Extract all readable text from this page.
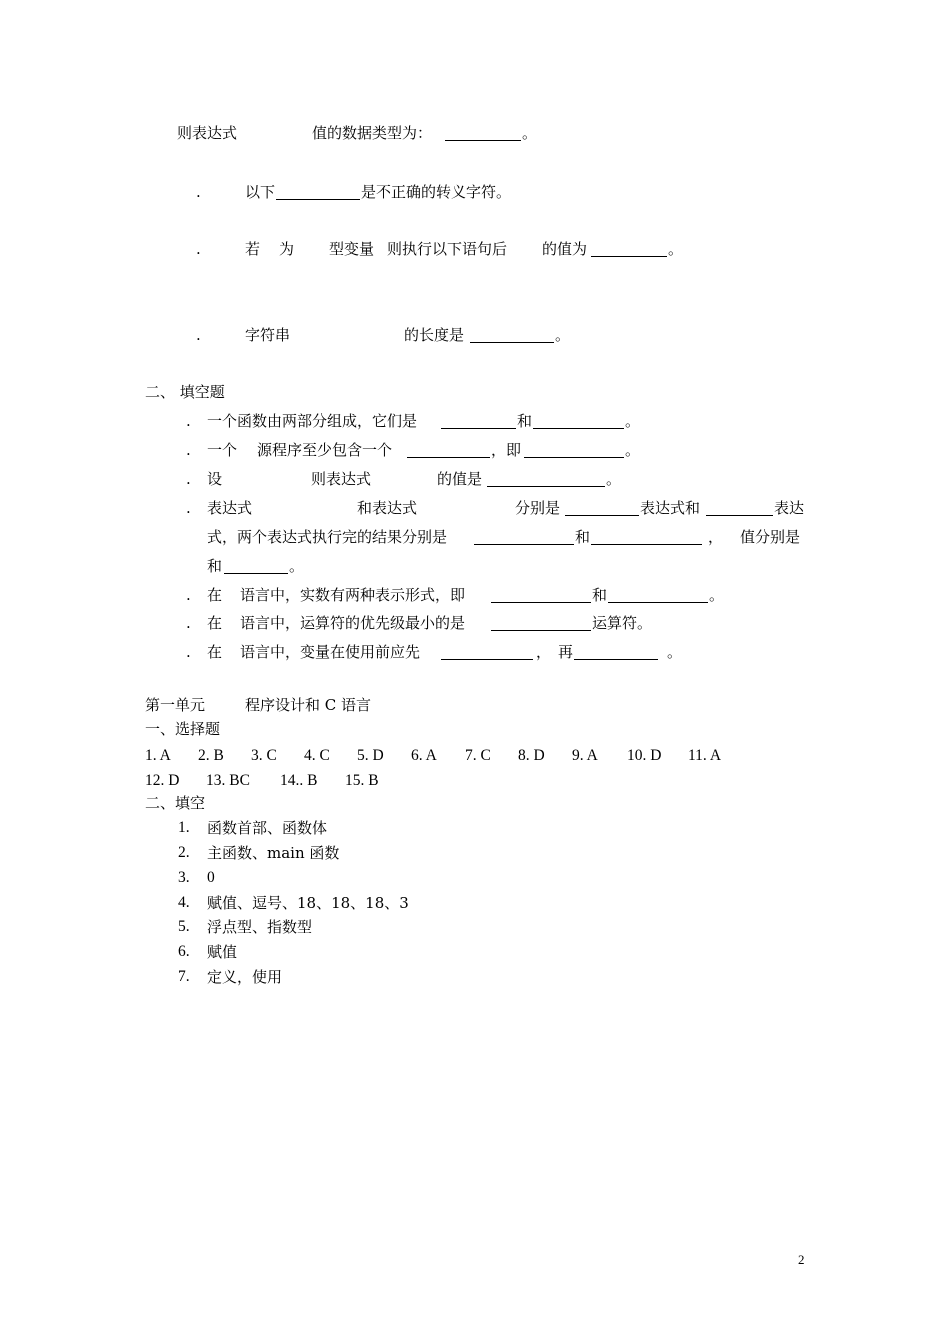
则表达式	值的数据类型为：	。
.	以下	是不正确的转义字符。
.	若 为 型变量 则执行以下语句后 的值为	。
.	字符串	的长度是	。
二、 填空题
. 一个函数由两部分组成，它们是	和	。
. 一个 源程序至少包含一个	，即	。
. 设	则表达式	的值是	。
. 表达式	和表达式	分别是	表达式和	表达
式，两个表达式执行完的结果分别是	和	， 值分别是
和	。
. 在 语言中，实数有两种表示形式，即	和	。
. 在 语言中，运算符的优先级最小的是	运算符。
. 在 语言中，变量在使用前应先	， 再	。
第一单元	程序设计和 C 语言
一、选择题
1. A 2. B 3. C 4. C 5. D 6. A 7. C 8. D 9. A 10. D 11. A
12. D 13. BC 14.. B 15. B
二、填空
1. 函数首部、函数体
2. 主函数、main 函数
3. 0
4. 赋值、逗号、18、18、18、3
5. 浮点型、指数型
6. 赋值
7. 定义，使用
2
